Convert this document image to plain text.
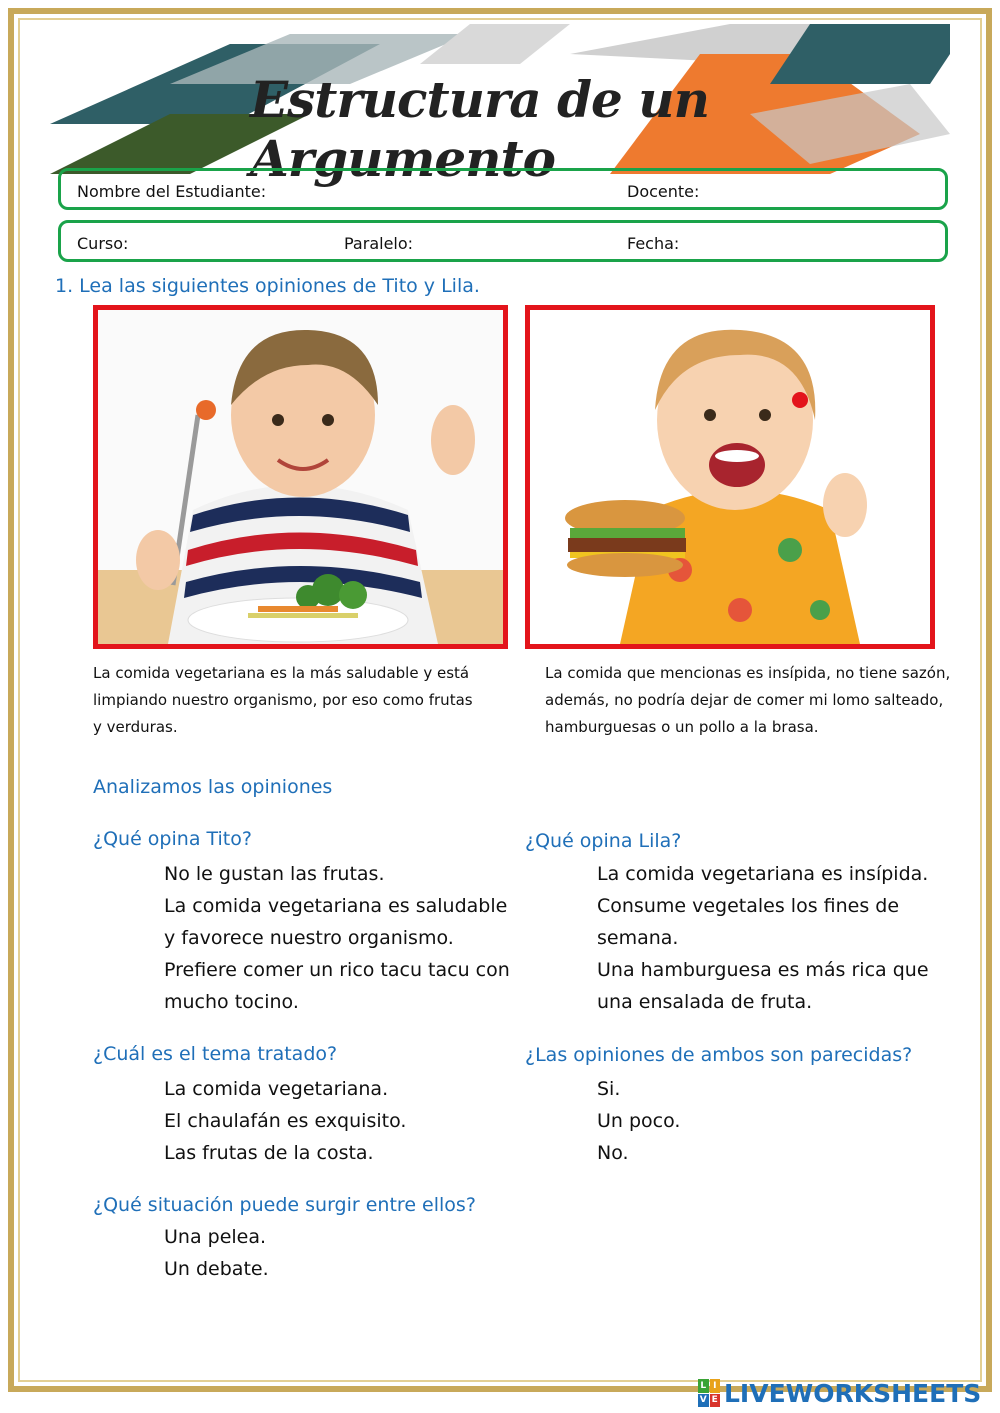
Estructura de un Argumento
Nombre del Estudiante:	Docente:
Curso:	Paralelo:	Fecha:
1. Lea las siguientes opiniones de Tito y Lila.
La comida vegetariana es la más saludable y está
limpiando nuestro organismo, por eso como frutas
y verduras.
La comida que mencionas es insípida, no tiene sazón,
además, no podría dejar de comer mi lomo salteado,
hamburguesas o un pollo a la brasa.
Analizamos las opiniones
¿Qué opina Tito?
No le gustan las frutas.
La comida vegetariana es saludable
y favorece nuestro organismo.
Prefiere comer un rico tacu tacu con
mucho tocino.
¿Qué opina Lila?
La comida vegetariana es insípida.
Consume vegetales los fines de
semana.
Una hamburguesa es más rica que
una ensalada de fruta.
¿Cuál es el tema tratado?
La comida vegetariana.
El chaulafán es exquisito.
Las frutas de la costa.
¿Las opiniones de ambos son parecidas?
Si.
Un poco.
No.
¿Qué situación puede surgir entre ellos?
Una pelea.
Un debate.
L I
V E LIVEWORKSHEETS
